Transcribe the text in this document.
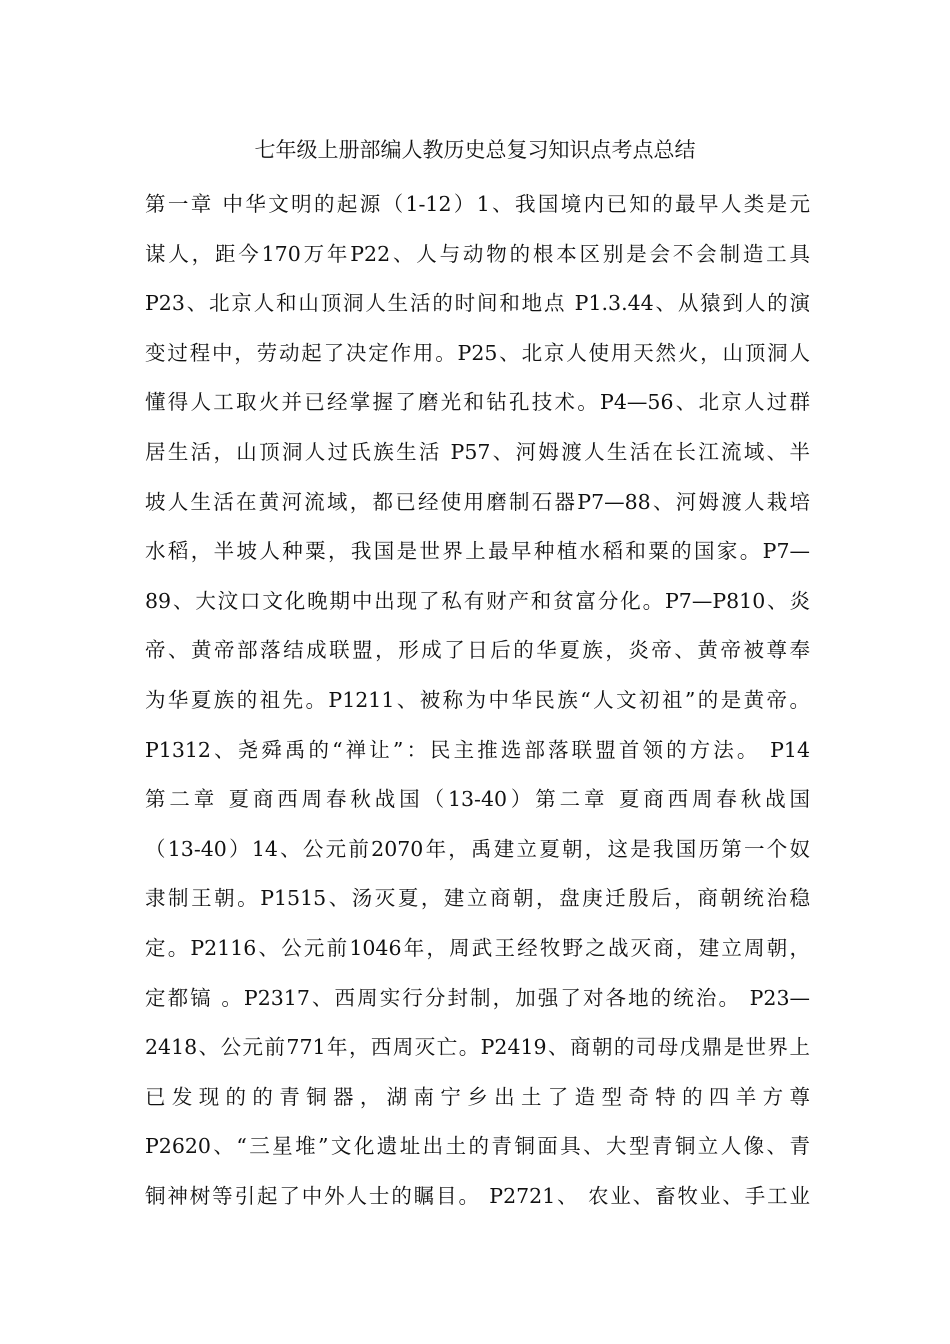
七年级上册部编人教历史总复习知识点考点总结
第一章 中华文明的起源（1-12）1、我国境内已知的最早人类是元
谋人，距今170万年P22、人与动物的根本区别是会不会制造工具
P23、北京人和山顶洞人生活的时间和地点 P1.3.44、从猿到人的演
变过程中，劳动起了决定作用。P25、北京人使用天然火，山顶洞人
懂得人工取火并已经掌握了磨光和钻孔技术。P4—56、北京人过群
居生活，山顶洞人过氏族生活 P57、河姆渡人生活在长江流域、半
坡人生活在黄河流域，都已经使用磨制石器P7—88、河姆渡人栽培
水稻，半坡人种粟，我国是世界上最早种植水稻和粟的国家。P7—
89、大汶口文化晚期中出现了私有财产和贫富分化。P7—P810、炎
帝、黄帝部落结成联盟，形成了日后的华夏族，炎帝、黄帝被尊奉
为华夏族的祖先。P1211、被称为中华民族“人文初祖”的是黄帝。
P1312、尧舜禹的“禅让”：民主推选部落联盟首领的方法。 P14
第二章 夏商西周春秋战国（13-40）第二章 夏商西周春秋战国
（13-40）14、公元前2070年，禹建立夏朝，这是我国历第一个奴
隶制王朝。P1515、汤灭夏，建立商朝，盘庚迁殷后，商朝统治稳
定。P2116、公元前1046年，周武王经牧野之战灭商，建立周朝，
定都镐 。P2317、西周实行分封制，加强了对各地的统治。 P23—
2418、公元前771年，西周灭亡。P2419、商朝的司母戊鼎是世界上
已发现的的青铜器，湖南宁乡出土了造型奇特的四羊方尊
P2620、“三星堆”文化遗址出土的青铜面具、大型青铜立人像、青
铜神树等引起了中外人士的瞩目。 P2721、 农业、畜牧业、手工业
